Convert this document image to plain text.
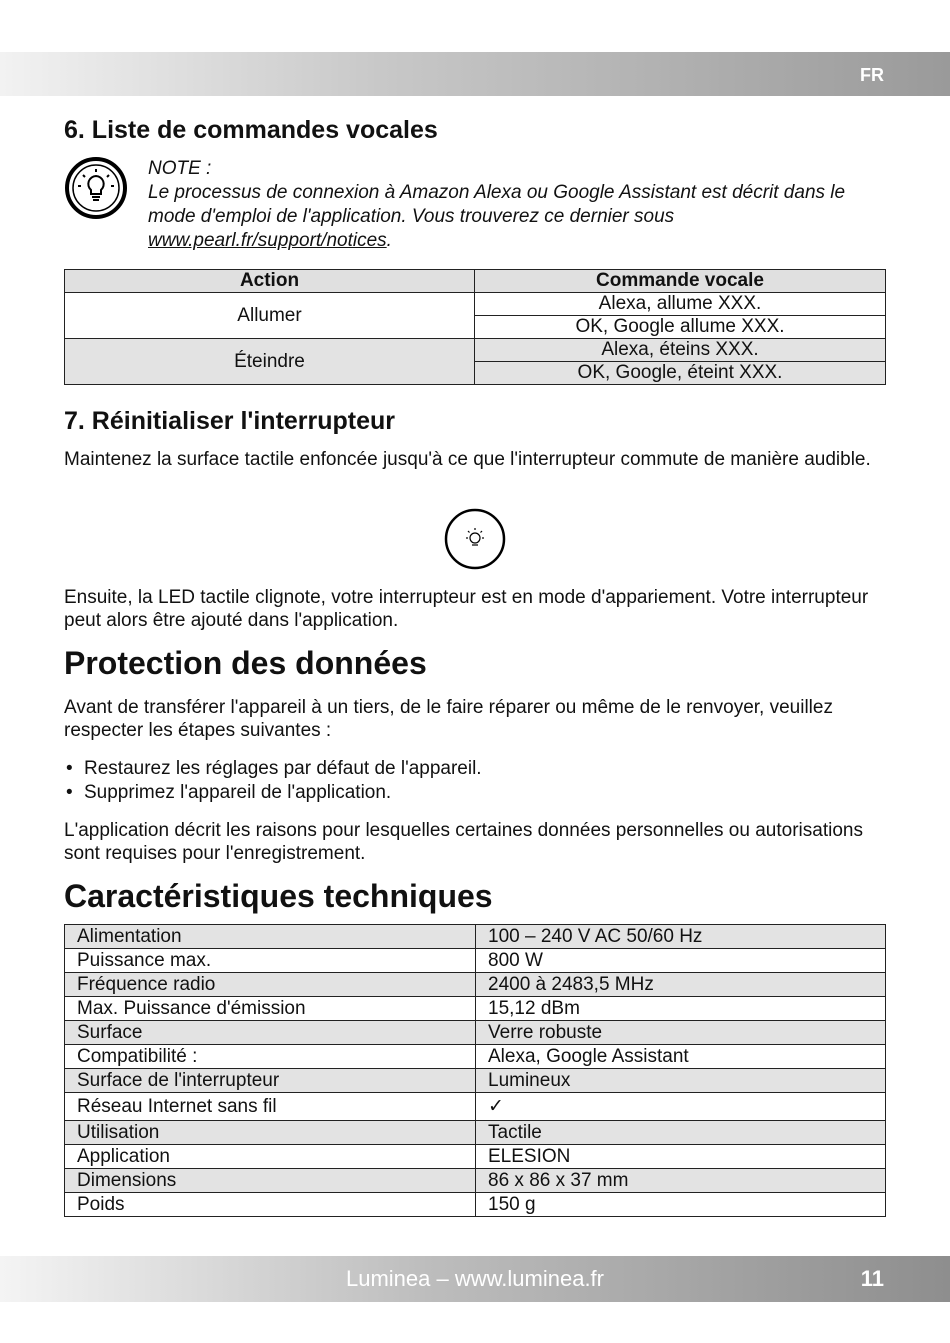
FR
6. Liste de commandes vocales
NOTE :
Le processus de connexion à Amazon Alexa ou Google Assistant est décrit dans le mode d'emploi de l'application. Vous trouverez ce dernier sous www.pearl.fr/support/notices.
Action	Commande vocale
Allumer	Alexa, allume XXX.
	OK, Google allume XXX.
Éteindre	Alexa, éteins XXX.
	OK, Google, éteint XXX.
7. Réinitialiser l'interrupteur

Maintenez la surface tactile enfoncée jusqu'à ce que l'interrupteur commute de manière audible.

Ensuite, la LED tactile clignote, votre interrupteur est en mode d'appariement. Votre interrupteur peut alors être ajouté dans l'application.

Protection des données

Avant de transférer l'appareil à un tiers, de le faire réparer ou même de le renvoyer, veuillez respecter les étapes suivantes :

• Restaurez les réglages par défaut de l'appareil.
• Supprimez l'appareil de l'application.

L'application décrit les raisons pour lesquelles certaines données personnelles ou autorisations sont requises pour l'enregistrement.

Caractéristiques techniques
Alimentation	100 – 240 V AC 50/60 Hz
Puissance max.	800 W
Fréquence radio	2400 à 2483,5 MHz
Max. Puissance d'émission	15,12 dBm
Surface	Verre robuste
Compatibilité :	Alexa, Google Assistant
Surface de l'interrupteur	Lumineux
Réseau Internet sans fil	✓
Utilisation	Tactile
Application	ELESION
Dimensions	86 x 86 x 37 mm
Poids	150 g
Luminea – www.luminea.fr	11
